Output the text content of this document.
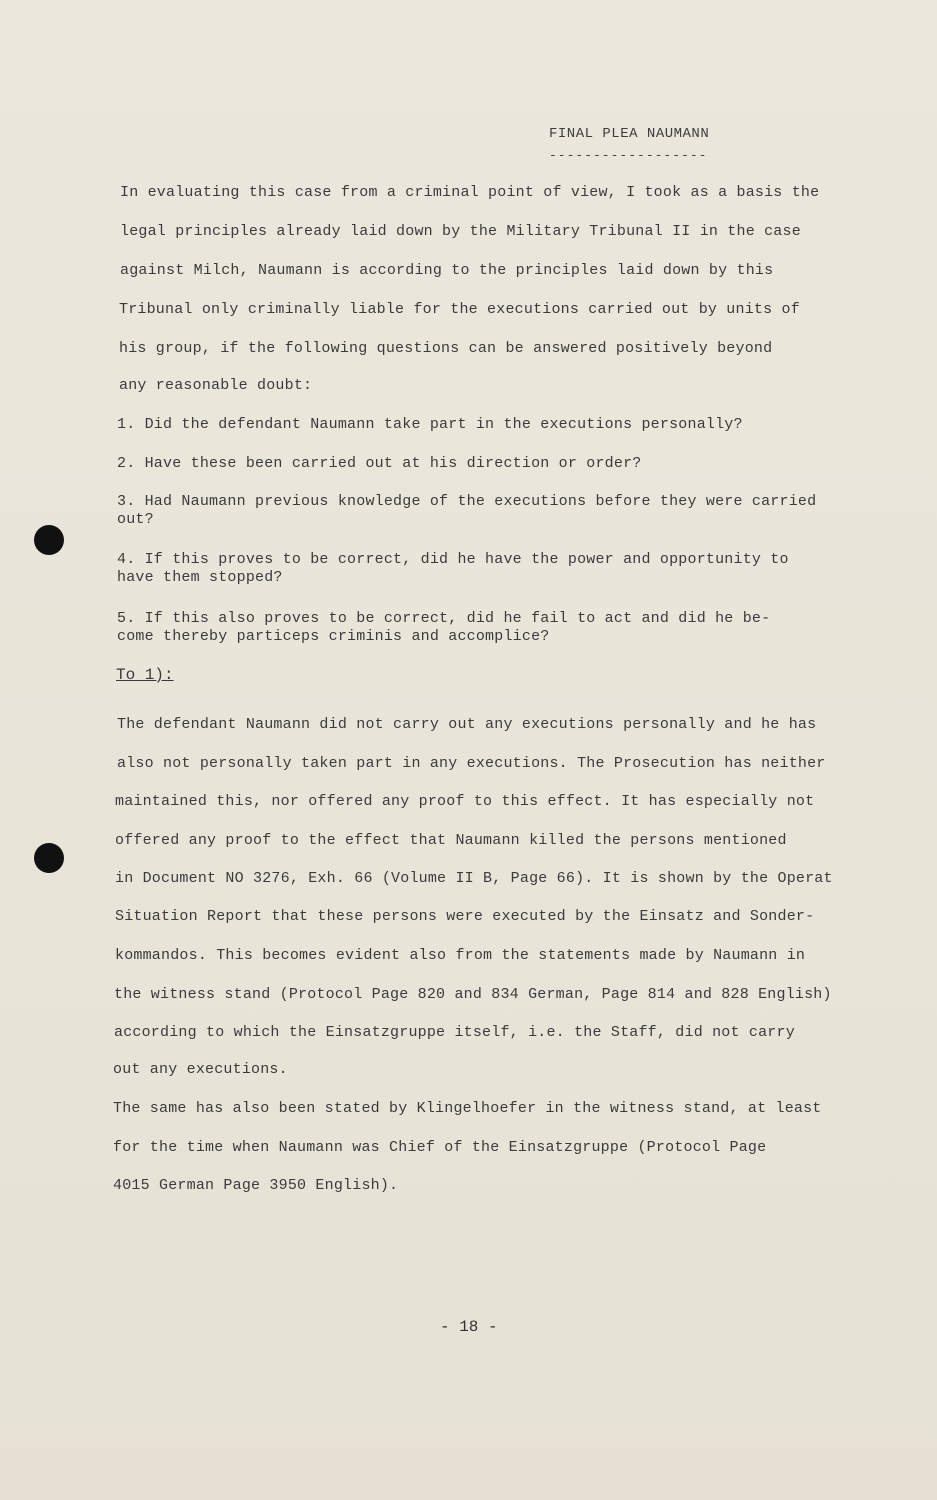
FINAL PLEA NAUMANN
------------------
In evaluating this case from a criminal point of view, I took as a basis the
legal principles already laid down by the Military Tribunal II in the case
against Milch, Naumann is according to the principles laid down by this
Tribunal only criminally liable for the executions carried out by units of
his group, if the following questions can be answered positively beyond
any reasonable doubt:
1. Did the defendant Naumann take part in the executions personally?
2. Have these been carried out at his direction or order?
3. Had Naumann previous knowledge of the executions before they were carried
out?
4. If this proves to be correct, did he have the power and opportunity to
have them stopped?
5. If this also proves to be correct, did he fail to act and did he be-
come thereby particeps criminis and accomplice?
To 1):
The defendant Naumann did not carry out any executions personally and he has
also not personally taken part in any executions. The Prosecution has neither
maintained this, nor offered any proof to this effect. It has especially not
offered any proof to the effect that Naumann killed the persons mentioned
in Document NO 3276, Exh. 66 (Volume II B, Page 66). It is shown by the Operat
Situation Report that these persons were executed by the Einsatz and Sonder-
kommandos. This becomes evident also from the statements made by Naumann in
the witness stand (Protocol Page 820 and 834 German, Page 814 and 828 English)
according to which the Einsatzgruppe itself, i.e. the Staff, did not carry
out any executions.
The same has also been stated by Klingelhoefer in the witness stand, at least
for the time when Naumann was Chief of the Einsatzgruppe (Protocol Page
4015 German Page 3950 English).
- 18 -
